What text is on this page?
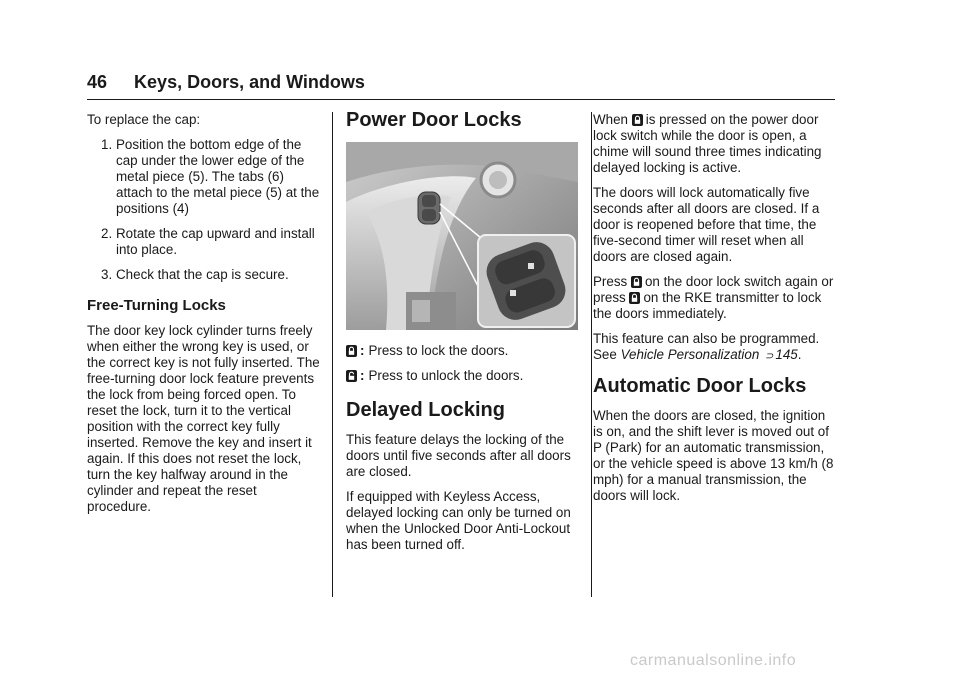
46 Keys, Doors, and Windows

To replace the cap:

1. Position the bottom edge of the cap under the lower edge of the metal piece (5). The tabs (6) attach to the metal piece (5) at the positions (4)
2. Rotate the cap upward and install into place.
3. Check that the cap is secure.
Free-Turning Locks

The door key lock cylinder turns freely when either the wrong key is used, or the correct key is not fully inserted. The free-turning door lock feature prevents the lock from being forced open. To reset the lock, turn it to the vertical position with the correct key fully inserted. Remove the key and insert it again. If this does not reset the lock, turn the key halfway around in the cylinder and repeat the reset procedure.

Power Door Locks
: Press to lock the doors.
: Press to unlock the doors.
Delayed Locking

This feature delays the locking of the doors until five seconds after all doors are closed.

If equipped with Keyless Access, delayed locking can only be turned on when the Unlocked Door Anti-Lockout has been turned off.

When is pressed on the power door lock switch while the door is open, a chime will sound three times indicating delayed locking is active.

The doors will lock automatically five seconds after all doors are closed. If a door is reopened before that time, the five-second timer will reset when all doors are closed again.

Press on the door lock switch again or press on the RKE transmitter to lock the doors immediately.

This feature can also be programmed. See Vehicle Personalization ⊃ 145.

Automatic Door Locks

When the doors are closed, the ignition is on, and the shift lever is moved out of P (Park) for an automatic transmission, or the vehicle speed is above 13 km/h (8 mph) for a manual transmission, the doors will lock.

carmanualsonline.info
